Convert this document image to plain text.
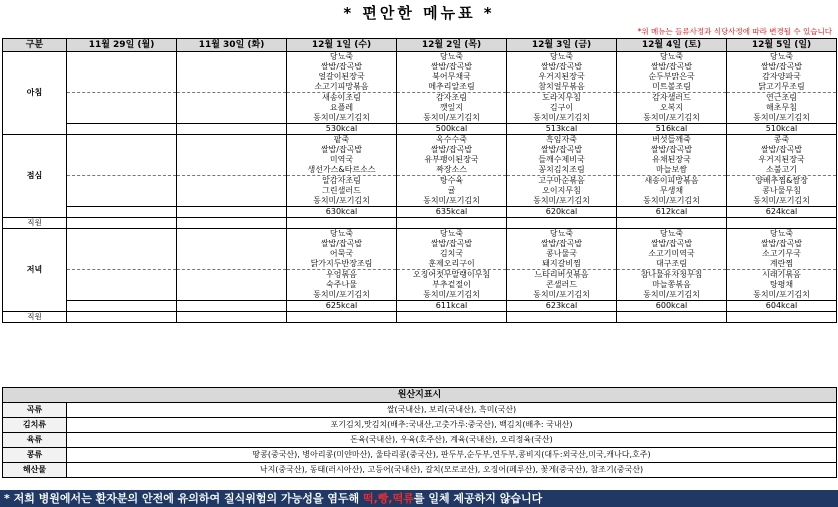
* 편안한 메뉴표 *
*위 메뉴는 들류사정과 식당사정에 따라 변경될 수 있습니다
구분	11월 29일 (월)	11월 30일 (화)	12월 1일 (수)	12월 2일 (목)	12월 3일 (금)	12월 4일 (토)	12월 5일 (일)
아침			당뇨죽	당뇨죽	당뇨죽	당뇨죽	당뇨죽
			쌀밥/잡곡밥	쌀밥/잡곡밥	쌀밥/잡곡밥	쌀밥/잡곡밥	쌀밥/잡곡밥
			얼갈이된장국	북어무채국	우거지된장국	순두부맑은국	감자양파국
			소고기피망볶음	메추리알조림	참치얼무볶음	미트볼조림	닭고기무조림
			새송이조림	감자조림	도라지무침	감자샐러드	연근조림
			요플레	깻잎지	김구이	오복지	해초무침
			동치미/포기김치	동치미/포기김치	동치미/포기김치	동치미/포기김치	동치미/포기김치
			530kcal	500kcal	513kcal	516kcal	510kcal
점심			팥죽	옥수수죽	흑임자죽	버섯들깨죽	콩죽
			쌀밥/잡곡밥	쌀밥/잡곡밥	쌀밥/잡곡밥	쌀밥/잡곡밥	쌀밥/잡곡밥
			미역국	유부팽이된장국	들깨수제비국	유채된장국	우거지된장국
			생선가스&타르소스	짜장소스	꽁치김치조림	마늘보쌈	소불고기
			알감자조림	탕수육	고구마순볶음	새송이피망볶음	양배추찜&쌈장
			그린샐러드	귤	오이지무침	무생채	콩나물무침
			동치미/포기김치	동치미/포기김치	동치미/포기김치	동치미/포기김치	동치미/포기김치
			630kcal	635kcal	620kcal	612kcal	624kcal
직원							
저녁			당뇨죽	당뇨죽	당뇨죽	당뇨죽	당뇨죽
			쌀밥/잡곡밥	쌀밥/잡곡밥	쌀밥/잡곡밥	쌀밥/잡곡밥	쌀밥/잡곡밥
			어묵국	김치국	콩나물국	소고기미역국	소고기무국
			닭가지두반장조림	훈제오리구이	돼지갈비찜	대구조림	계란찜
			우엉볶음	오징어젓무말랭이무침	느타리버섯볶음	참나물유자청무침	시래기볶음
			숙주나물	부추겉절이	콘샐러드	마늘쫑볶음	탕평채
			동치미/포기김치	동치미/포기김치	동치미/포기김치	동치미/포기김치	동치미/포기김치
			625kcal	611kcal	623kcal	600kcal	604kcal
직원							
원산지표시	
곡류	쌀(국내산), 보리(국내산), 흑미(국산)
김치류	포기김치,맛김치(배추:국내산,고춧가루:중국산), 백김치(배추: 국내산)
육류	돈육(국내산), 우육(호주산), 계육(국내산), 오리정육(국산)
콩류	땅콩(중국산), 병아리콩(미얀마산), 울타리콩(중국산), 판두부,순두부,연두부,콩비지(대두:외국산,미국,캐나다,호주)
해산물	낙지(중국산), 동태(러시아산), 고등어(국내산), 갈치(모로코산), 오징어(페루산), 꽃게(중국산), 참조기(중국산)
* 저희 병원에서는 환자분의 안전에 유의하여 질식위험의 가능성을 염두해 떡,빵,떡류를 일체 제공하지 않습니다
